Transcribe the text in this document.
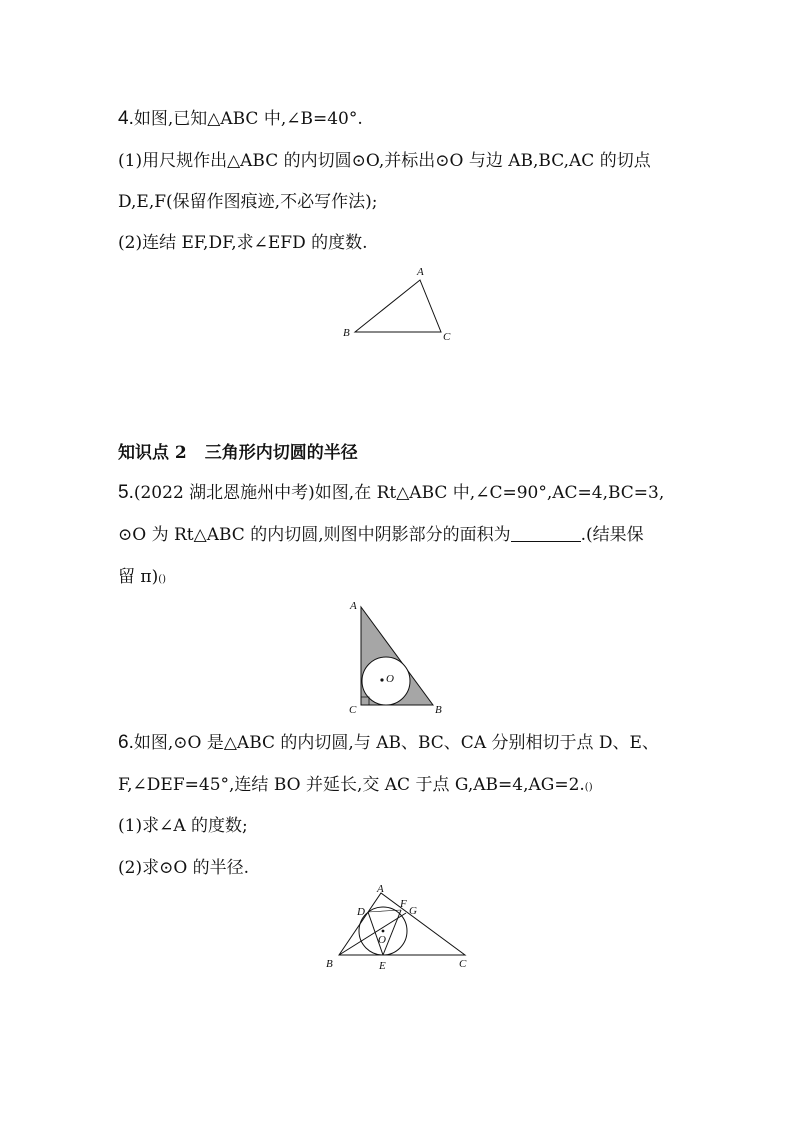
4.如图,已知△ABC 中,∠B=40°.
(1)用尺规作出△ABC 的内切圆⊙O,并标出⊙O 与边 AB,BC,AC 的切点
D,E,F(保留作图痕迹,不必写作法);
(2)连结 EF,DF,求∠EFD 的度数.
A
B	C
知识点 2 三角形内切圆的半径
5.(2022 湖北恩施州中考)如图,在 Rt△ABC 中,∠C=90°,AC=4,BC=3,
⊙O 为 Rt△ABC 的内切圆,则图中阴影部分的面积为	.(结果保
留 π)()
A
C	B
O
6.如图,⊙O 是△ABC 的内切圆,与 AB、BC、CA 分别相切于点 D、E、
F,∠DEF=45°,连结 BO 并延长,交 AC 于点 G,AB=4,AG=2.()
(1)求∠A 的度数;
(2)求⊙O 的半径.
A
D
F
G
O
B	E	C
